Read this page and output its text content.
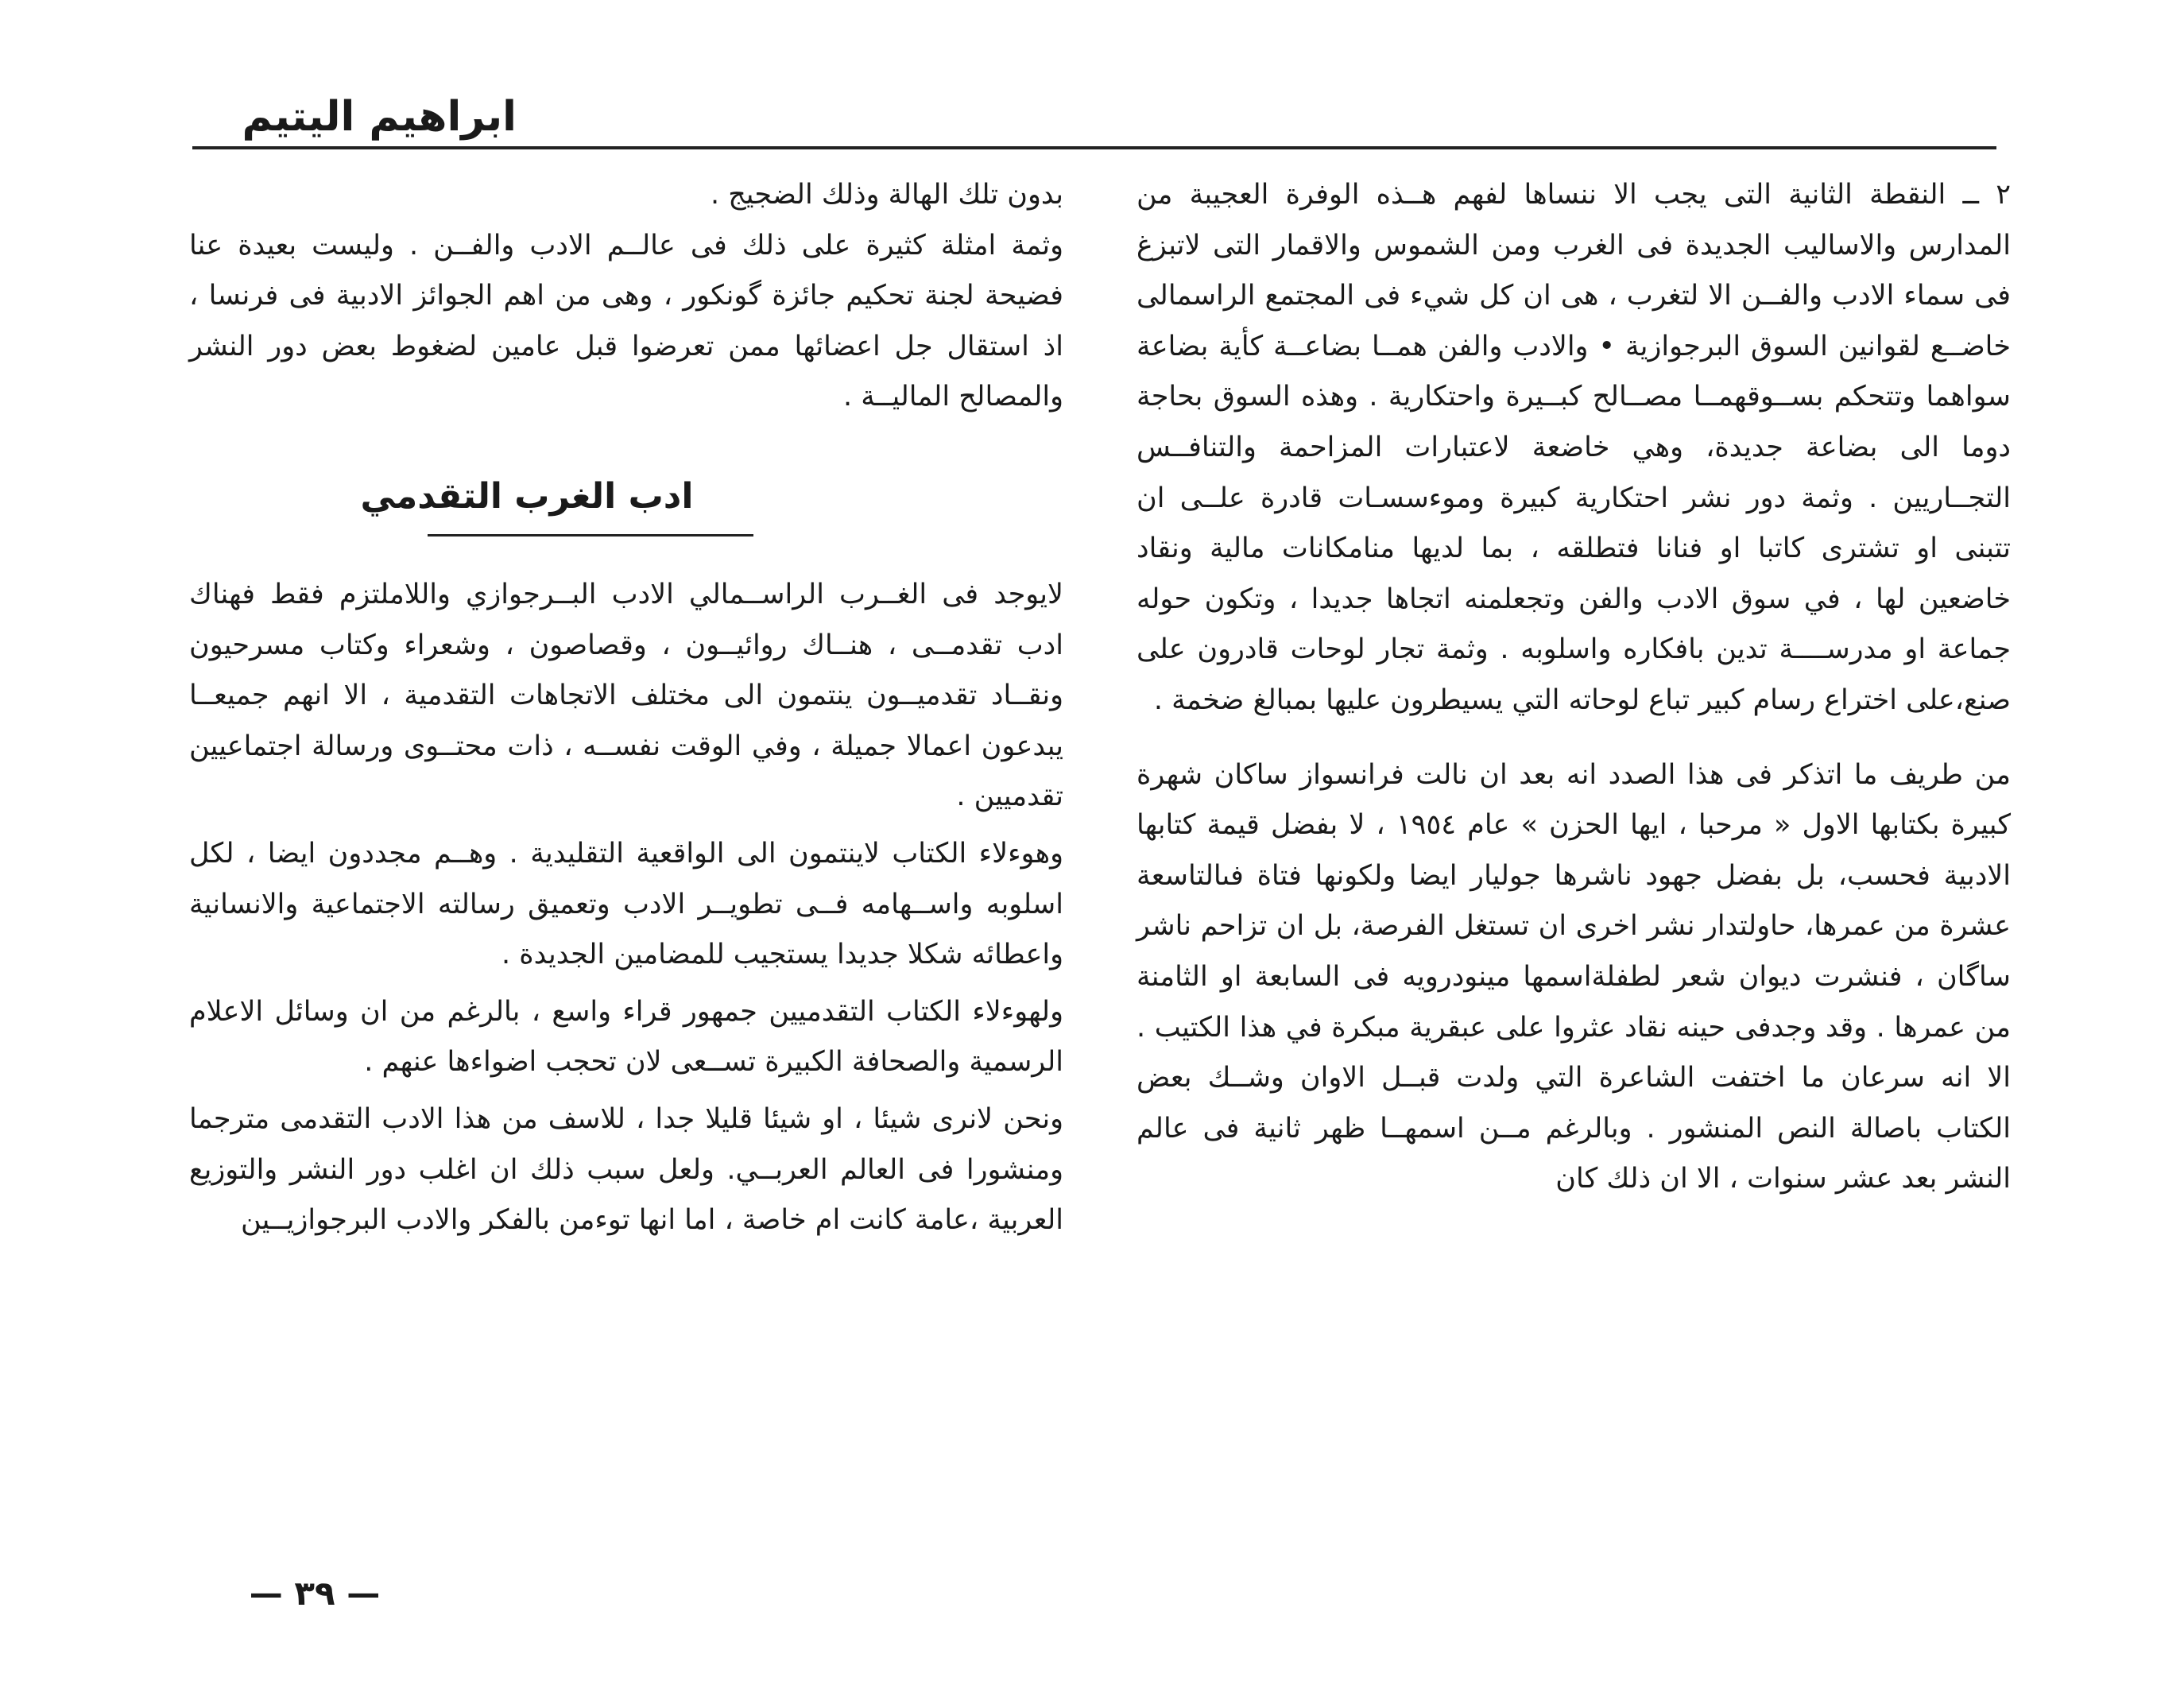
ابراهيم اليتيم

٢ ــ النقطة الثانية التى يجب الا ننساها لفهم هــذه الوفرة العجيبة من المدارس والاساليب الجديدة فى الغرب ومن الشموس والاقمار التى لاتبزغ فى سماء الادب والفــن الا لتغرب ، هى ان كل شيء فى المجتمع الراسمالى خاضــع لقوانين السوق البرجوازية • والادب والفن همــا بضاعــة كأية بضاعة سواهما وتتحكم بســوقهمــا مصــالح كبــيرة واحتكارية . وهذه السوق بحاجة دوما الى بضاعة جديدة، وهي خاضعة لاعتبارات المزاحمة والتنافــس التجــاريين . وثمة دور نشر احتكارية كبيرة وموءسسـات قادرة علــى ان تتبنى او تشترى كاتبا او فنانا فتطلقه ، بما لديها منامكانات مالية ونقاد خاضعين لها ، في سوق الادب والفن وتجعلمنه اتجاها جديدا ، وتكون حوله جماعة او مدرســــة تدين بافكاره واسلوبه . وثمة تجار لوحات قادرون على صنع،على اختراع رسام كبير تباع لوحاته التي يسيطرون عليها بمبالغ ضخمة .

من طريف ما اتذكر فى هذا الصدد انه بعد ان نالت فرانسواز ساكان شهرة كبيرة بكتابها الاول « مرحبا ، ايها الحزن » عام ١٩٥٤ ، لا بفضل قيمة كتابها الادبية فحسب، بل بفضل جهود ناشرها جوليار ايضا ولكونها فتاة فىالتاسعة عشرة من عمرها، حاولتدار نشر اخرى ان تستغل الفرصة، بل ان تزاحم ناشر ساگان ، فنشرت ديوان شعر لطفلةاسمها مينودرويه فى السابعة او الثامنة من عمرها . وقد وجدفى حينه نقاد عثروا على عبقرية مبكرة في هذا الكتيب . الا انه سرعان ما اختفت الشاعرة التي ولدت قبــل الاوان وشــك بعض الكتاب باصالة النص المنشور . وبالرغم مــن اسمهــا ظهر ثانية فى عالم النشر بعد عشر سنوات ، الا ان ذلك كان

بدون تلك الهالة وذلك الضجيج .

وثمة امثلة كثيرة على ذلك فى عالــم الادب والفــن . وليست بعيدة عنا فضيحة لجنة تحكيم جائزة گونكور ، وهى من اهم الجوائز الادبية فى فرنسا ، اذ استقال جل اعضائها ممن تعرضوا قبل عامين لضغوط بعض دور النشر والمصالح الماليــة .

ادب الغرب التقدمي

لايوجد فى الغــرب الراســمالي الادب البــرجوازي واللاملتزم فقط فهناك ادب تقدمــى ، هنــاك روائيــون ، وقصاصون ، وشعراء وكتاب مسرحيون ونقــاد تقدميــون ينتمون الى مختلف الاتجاهات التقدمية ، الا انهم جميعــا يبدعون اعمالا جميلة ، وفي الوقت نفســه ، ذات محتــوى ورسالة اجتماعيين تقدميين .

وهوءلاء الكتاب لاينتمون الى الواقعية التقليدية . وهــم مجددون ايضا ، لكل اسلوبه واســهامه فــى تطويــر الادب وتعميق رسالته الاجتماعية والانسانية واعطائه شكلا جديدا يستجيب للمضامين الجديدة .

ولهوءلاء الكتاب التقدميين جمهور قراء واسع ، بالرغم من ان وسائل الاعلام الرسمية والصحافة الكبيرة تســعى لان تحجب اضواءها عنهم .

ونحن لانرى شيئا ، او شيئا قليلا جدا ، للاسف من هذا الادب التقدمى مترجما ومنشورا فى العالم العربــي. ولعل سبب ذلك ان اغلب دور النشر والتوزيع العربية ،عامة كانت ام خاصة ، اما انها توءمن بالفكر والادب البرجوازيــين

— ٣٩ —
